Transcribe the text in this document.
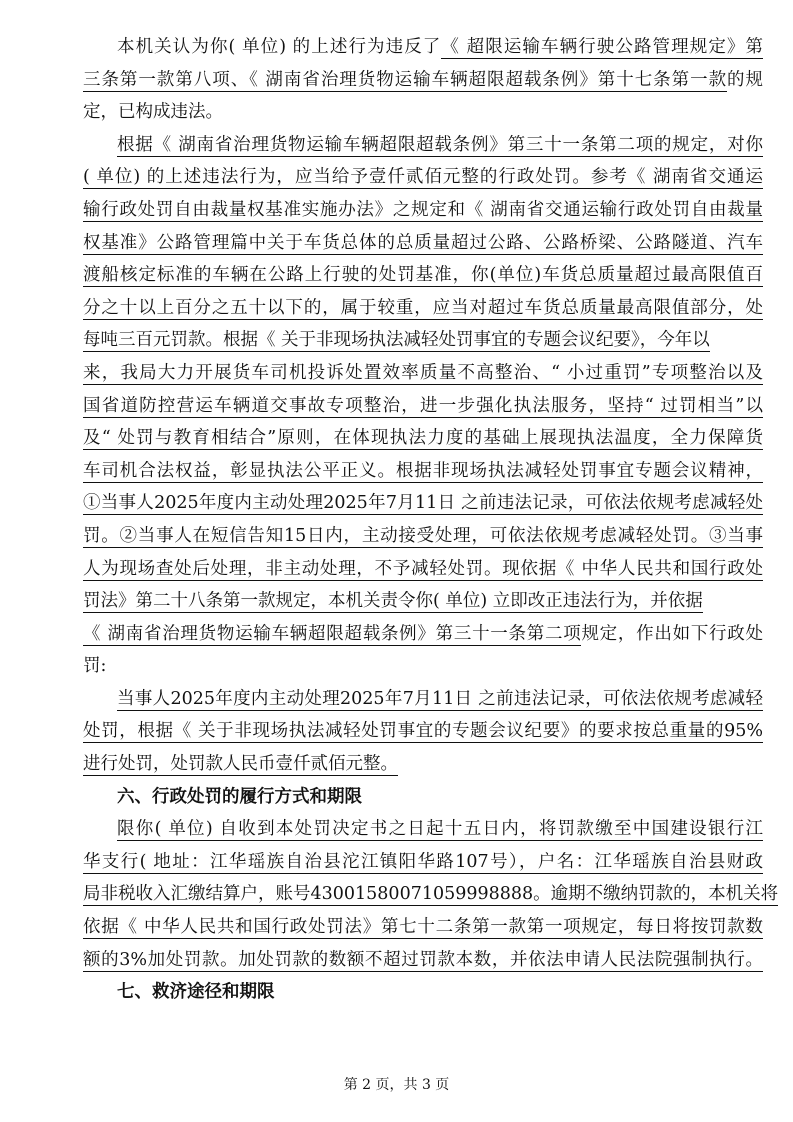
本机关认为你( 单位) 的上述行为违反了《 超限运输车辆行驶公路管理规定》第
三条第一款第八项、《 湖南省治理货物运输车辆超限超载条例》第十七条第一款的规
定，已构成违法。
根据《 湖南省治理货物运输车辆超限超载条例》第三十一条第二项的规定，对你
( 单位) 的上述违法行为，应当给予壹仟贰佰元整的行政处罚。参考《 湖南省交通运
输行政处罚自由裁量权基准实施办法》之规定和《 湖南省交通运输行政处罚自由裁量
权基准》公路管理篇中关于车货总体的总质量超过公路、公路桥梁、公路隧道、汽车
渡船核定标准的车辆在公路上行驶的处罚基准，你(单位)车货总质量超过最高限值百
分之十以上百分之五十以下的，属于较重，应当对超过车货总质量最高限值部分，处
每吨三百元罚款。根据《 关于非现场执法减轻处罚事宜的专题会议纪要》，今年以
来，我局大力开展货车司机投诉处置效率质量不高整治、“ 小过重罚”专项整治以及
国省道防控营运车辆道交事故专项整治，进一步强化执法服务，坚持“ 过罚相当”以
及“ 处罚与教育相结合”原则，在体现执法力度的基础上展现执法温度，全力保障货
车司机合法权益，彰显执法公平正义。根据非现场执法减轻处罚事宜专题会议精神，
①当事人2025年度内主动处理2025年7月11日 之前违法记录，可依法依规考虑减轻处
罚。②当事人在短信告知15日内，主动接受处理，可依法依规考虑减轻处罚。③当事
人为现场查处后处理，非主动处理，不予减轻处罚。现依据《 中华人民共和国行政处
罚法》第二十八条第一款规定，本机关责令你( 单位) 立即改正违法行为，并依据
《 湖南省治理货物运输车辆超限超载条例》第三十一条第二项规定，作出如下行政处
罚:
当事人2025年度内主动处理2025年7月11日 之前违法记录，可依法依规考虑减轻
处罚，根据《 关于非现场执法减轻处罚事宜的专题会议纪要》的要求按总重量的95%
进行处罚，处罚款人民币壹仟贰佰元整。
六、行政处罚的履行方式和期限
限你( 单位) 自收到本处罚决定书之日起十五日内，将罚款缴至中国建设银行江
华支行( 地址：江华瑶族自治县沱江镇阳华路107号），户名：江华瑶族自治县财政
局非税收入汇缴结算户，账号43001580071059998888。逾期不缴纳罚款的，本机关将
依据《 中华人民共和国行政处罚法》第七十二条第一款第一项规定，每日将按罚款数
额的3%加处罚款。加处罚款的数额不超过罚款本数，并依法申请人民法院强制执行。
七、救济途径和期限
第 2 页，共 3 页
